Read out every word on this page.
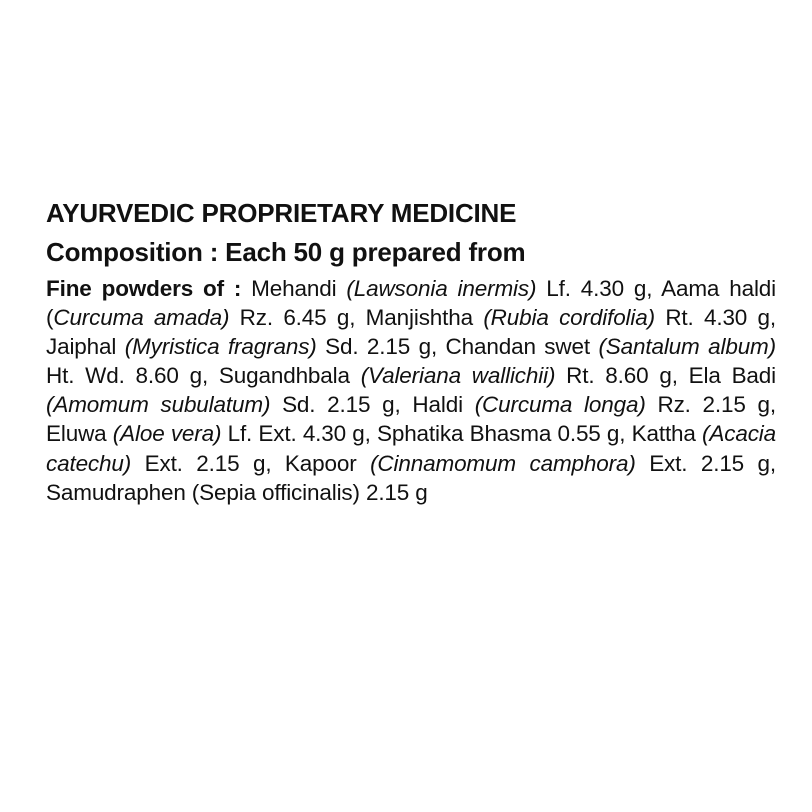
AYURVEDIC PROPRIETARY MEDICINE

Composition : Each 50 g prepared from

Fine powders of : Mehandi (Lawsonia inermis) Lf. 4.30 g, Aama haldi (Curcuma amada) Rz. 6.45 g, Manjishtha (Rubia cordifolia) Rt. 4.30 g, Jaiphal (Myristica fragrans) Sd. 2.15 g, Chandan swet (Santalum album) Ht. Wd. 8.60 g, Sugandhbala (Valeriana wallichii) Rt. 8.60 g, Ela Badi (Amomum subulatum) Sd. 2.15 g, Haldi (Curcuma longa) Rz. 2.15 g, Eluwa (Aloe vera) Lf. Ext. 4.30 g, Sphatika Bhasma 0.55 g, Kattha (Acacia catechu) Ext. 2.15 g, Kapoor (Cinnamomum camphora) Ext. 2.15 g, Samudraphen (Sepia officinalis) 2.15 g
